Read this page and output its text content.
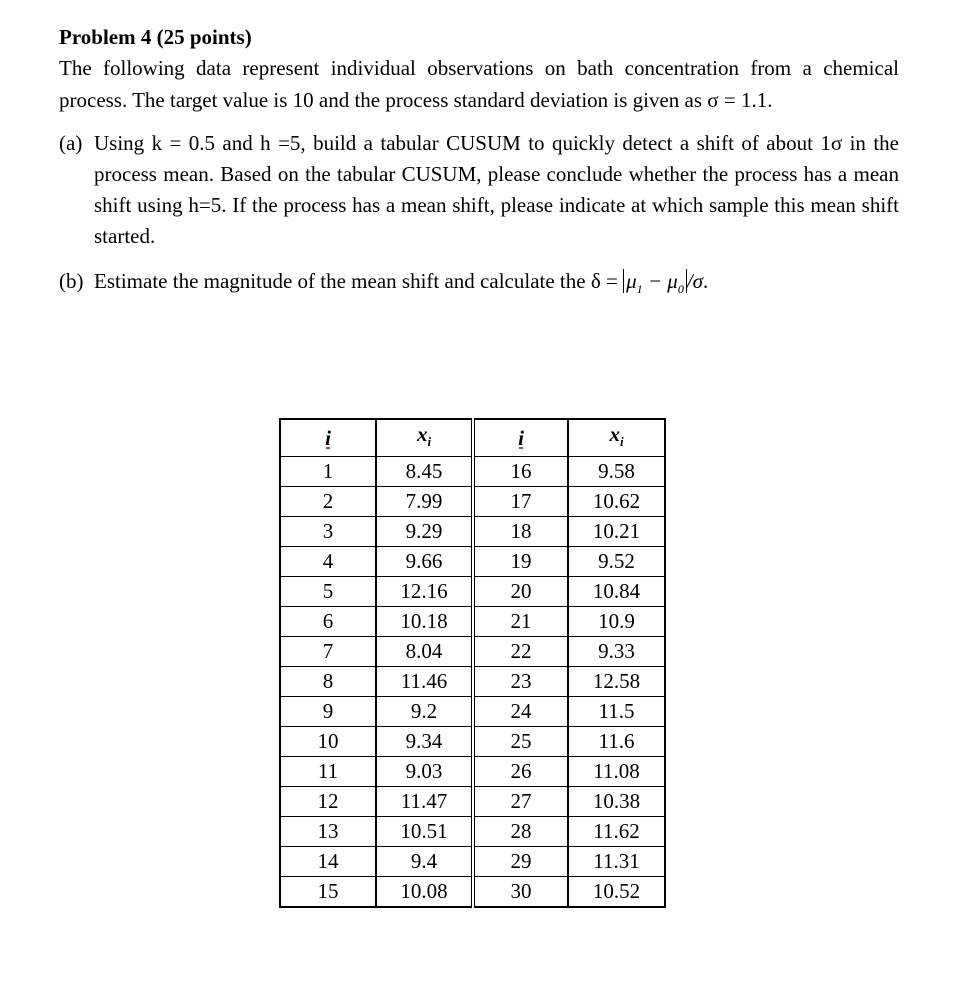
Problem 4 (25 points)

The following data represent individual observations on bath concentration from a chemical process. The target value is 10 and the process standard deviation is given as σ = 1.1.

(a) Using k = 0.5 and h =5, build a tabular CUSUM to quickly detect a shift of about 1σ in the process mean. Based on the tabular CUSUM, please conclude whether the process has a mean shift using h=5. If the process has a mean shift, please indicate at which sample this mean shift started.
(b) Estimate the magnitude of the mean shift and calculate the $\delta = \mu_1 - \mu_0$ /σ.
i	$x_i$	i	$x_i$
1	8.45	16	9.58
2	7.99	17	10.62
3	9.29	18	10.21
4	9.66	19	9.52
5	12.16	20	10.84
6	10.18	21	10.9
7	8.04	22	9.33
8	11.46	23	12.58
9	9.2	24	11.5
10	9.34	25	11.6
11	9.03	26	11.08
12	11.47	27	10.38
13	10.51	28	11.62
14	9.4	29	11.31
15	10.08	30	10.52
